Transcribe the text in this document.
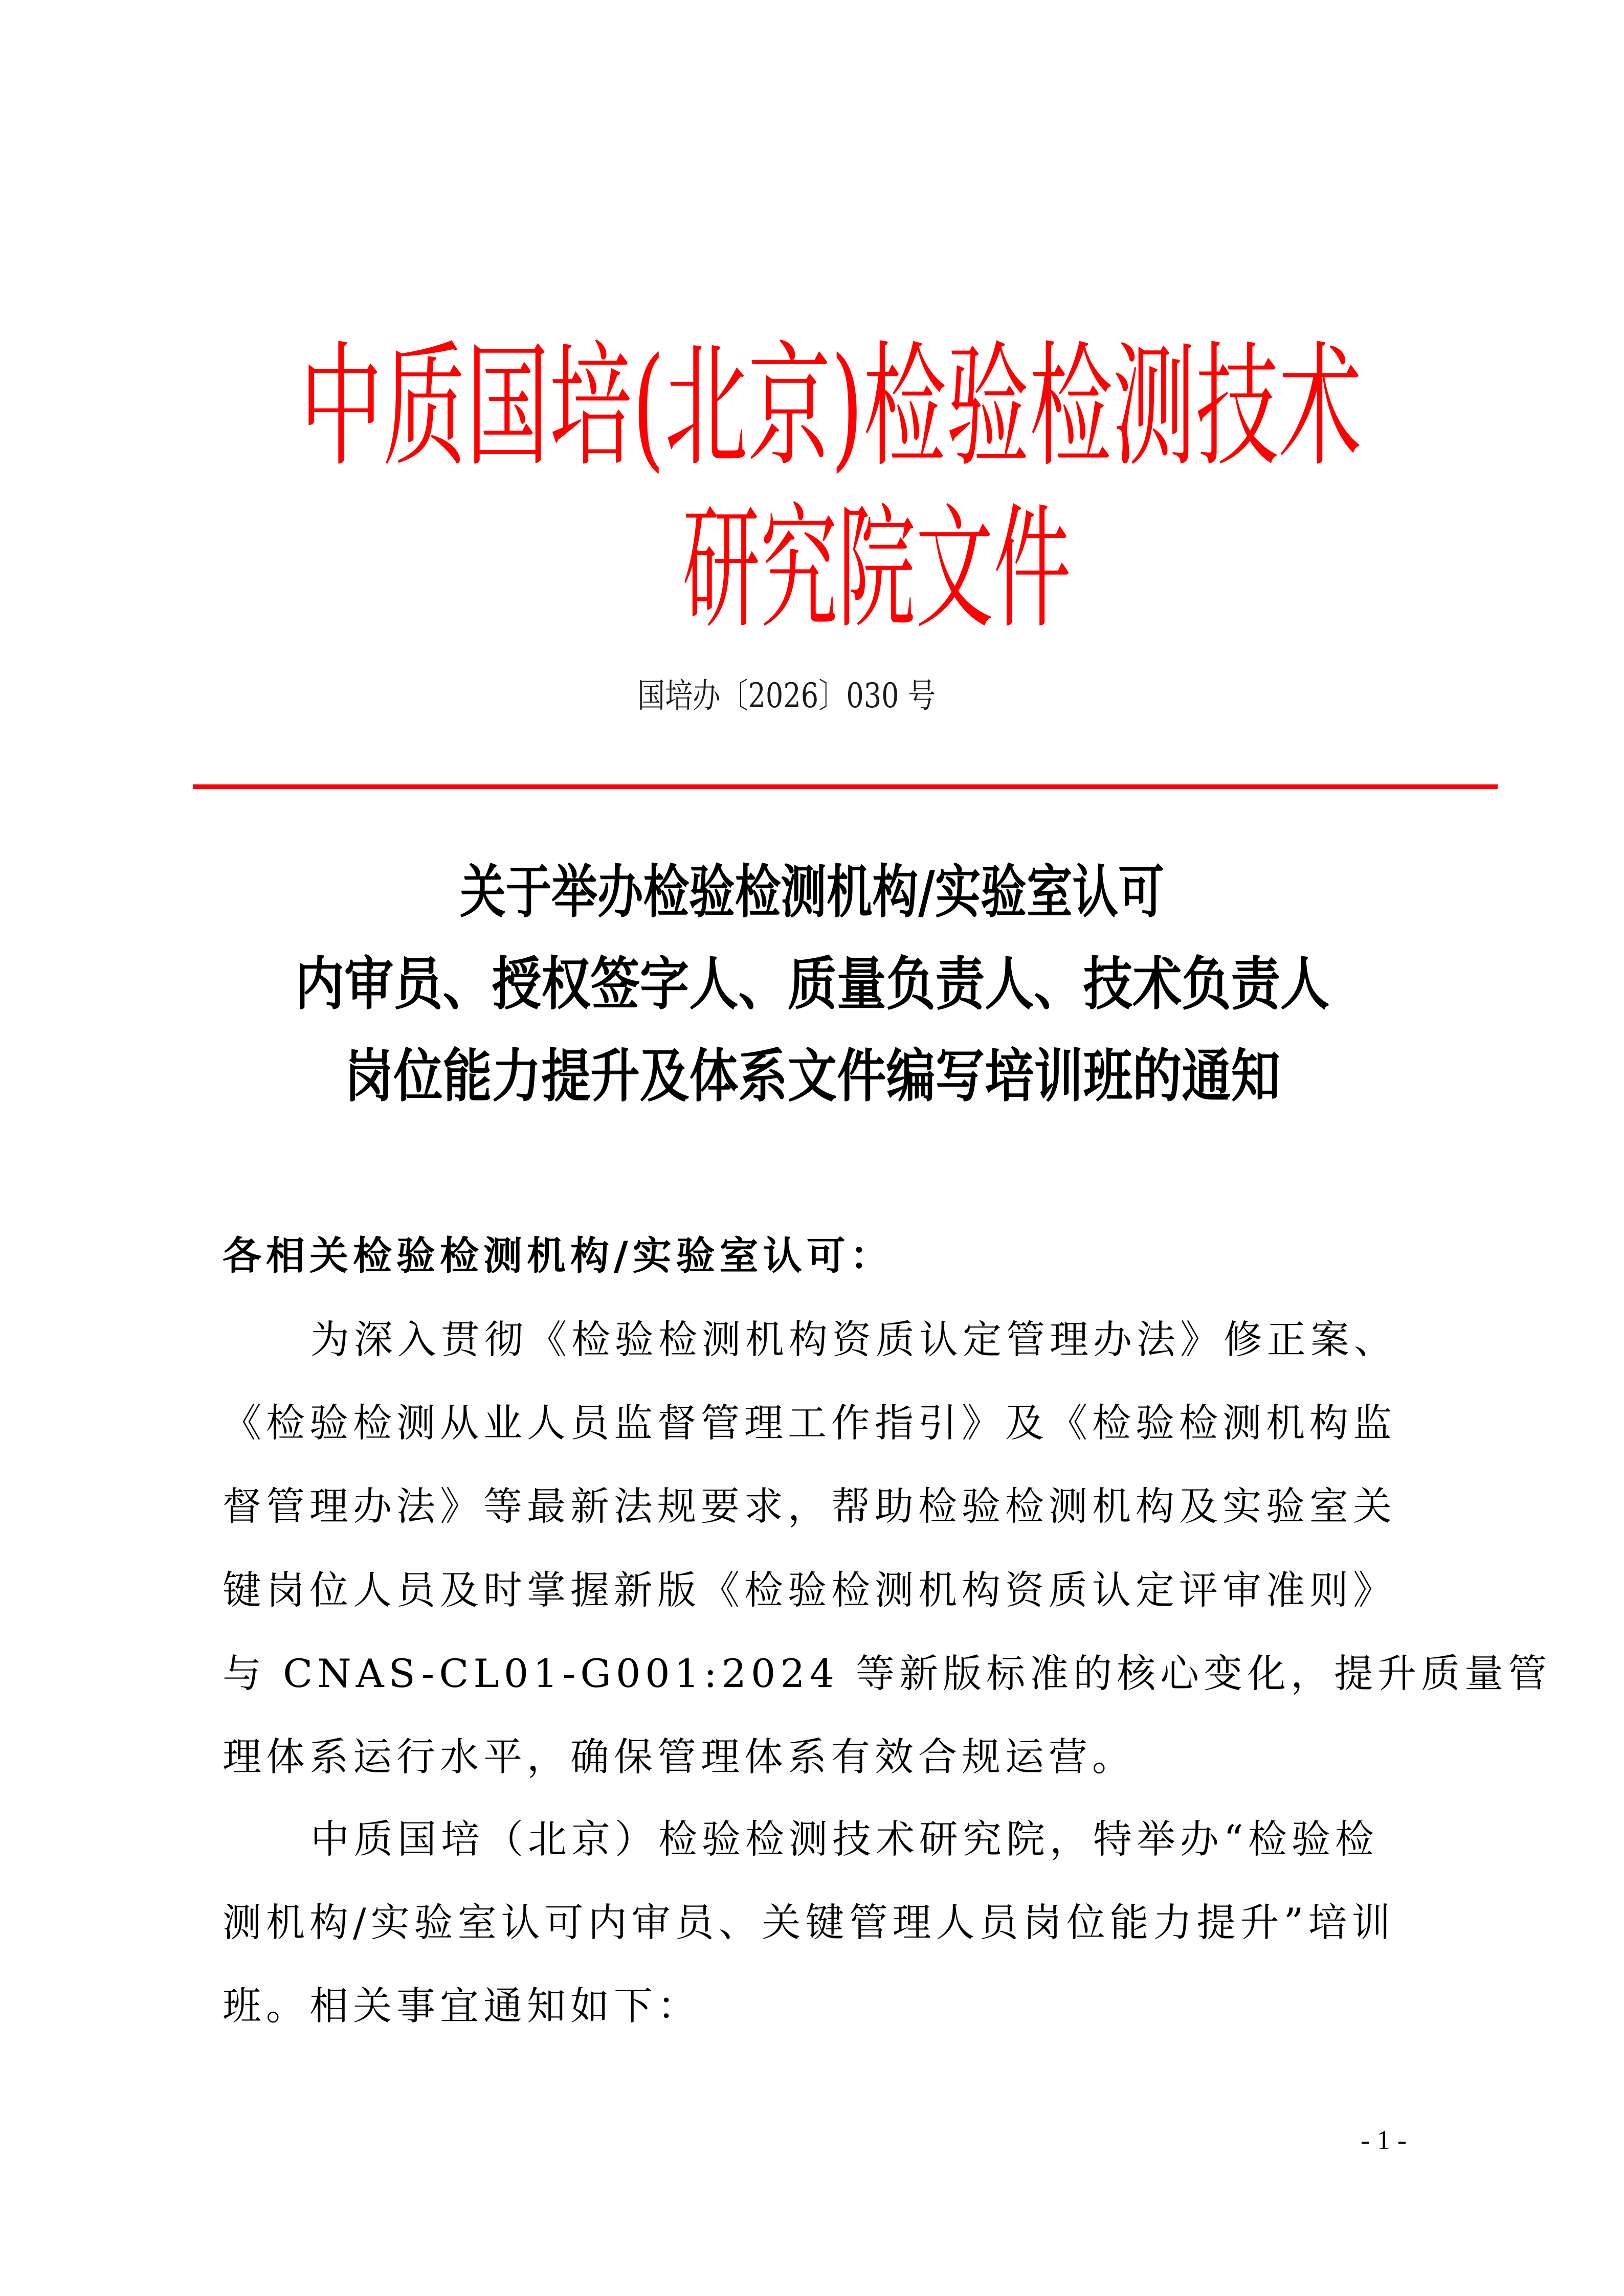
中质国培(北京)检验检测技术
研究院文件
国培办〔2026〕030 号
关于举办检验检测机构/实验室认可
内审员、授权签字人、质量负责人、技术负责人
岗位能力提升及体系文件编写培训班的通知
各相关检验检测机构/实验室认可：
为深入贯彻《检验检测机构资质认定管理办法》修正案、
《检验检测从业人员监督管理工作指引》及《检验检测机构监
督管理办法》等最新法规要求，帮助检验检测机构及实验室关
键岗位人员及时掌握新版《检验检测机构资质认定评审准则》
与 CNAS-CL01-G001:2024 等新版标准的核心变化，提升质量管
理体系运行水平，确保管理体系有效合规运营。
中质国培（北京）检验检测技术研究院，特举办“检验检
测机构/实验室认可内审员、关键管理人员岗位能力提升”培训
班。相关事宜通知如下：
- 1 -
